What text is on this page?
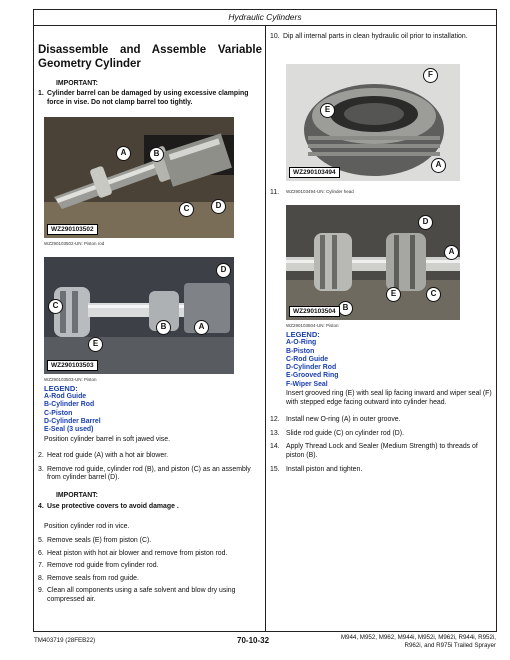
Hydraulic Cylinders
Disassemble and Assemble Variable Geometry Cylinder
IMPORTANT:
1. Cylinder barrel can be damaged by using excessive clamping force in vise. Do not clamp barrel too tightly.
A	B
C	D
WZ290103502
WZ290103502-UN: Piston rod
A
B
C
D
E
WZ290103503
WZ290103503-UN: Piston
LEGEND:
A-Rod Guide
B-Cylinder Rod
C-Piston
D-Cylinder Barrel
E-Seal (3 used)
Position cylinder barrel in soft jawed vise.
2. Heat rod guide (A) with a hot air blower.
3. Remove rod guide, cylinder rod (B), and piston (C) as an assembly from cylinder barrel (D).
IMPORTANT:
4. Use protective covers to avoid damage .
Position cylinder rod in vice.
5. Remove seals (E) from piston (C).
6. Heat piston with hot air blower and remove from piston rod.
7. Remove rod guide from cylinder rod.
8. Remove seals from rod guide.
9. Clean all components using a safe solvent and blow dry using compressed air.
10. Dip all internal parts in clean hydraulic oil prior to installation.
F
E
A
WZ290103494
11.	WZ290103494-UN: Cylinder head
D
A
E	C
B
WZ290103504
WZ290103504-UN: Piston
LEGEND:
A-O-Ring
B-Piston
C-Rod Guide
D-Cylinder Rod
E-Grooved Ring
F-Wiper Seal
Insert grooved ring (E) with seal lip facing inward and wiper seal (F) with stepped edge facing outward into cylinder head.
12. Install new O-ring (A) in outer groove.
13. Slide rod guide (C) on cylinder rod (D).
14. Apply Thread Lock and Sealer (Medium Strength) to threads of piston (B).
15. Install piston and tighten.
TM403719 (28FEB22)	70-10-32	M944, M952, M962, M944i, M952i, M962i, R944i, R952i,
R962i, and R975i Trailed Sprayer
